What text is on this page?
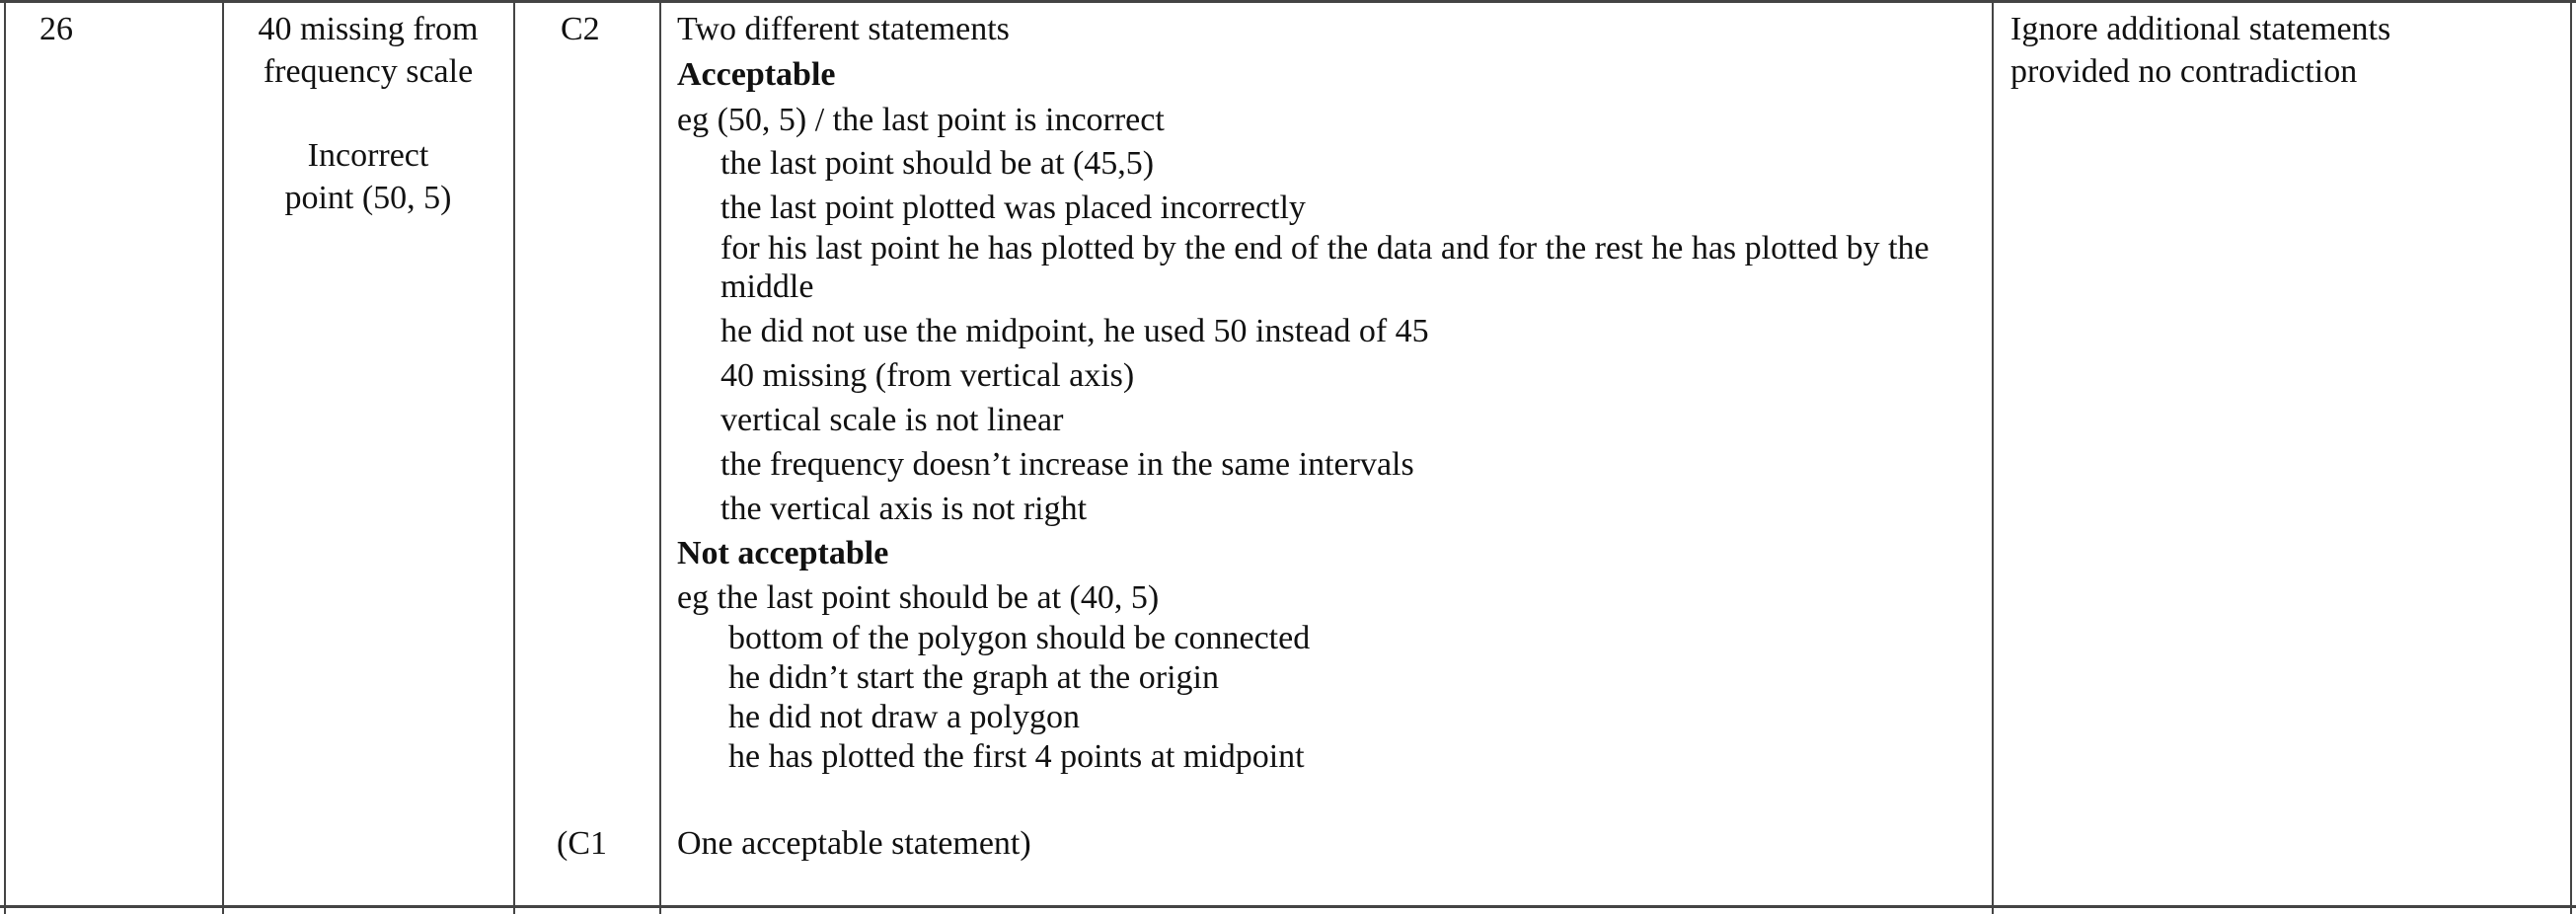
26	40 missing from
frequency scale
Incorrect
point (50, 5)
C2
(C1
Two different statements
Acceptable
eg (50, 5) / the last point is incorrect
the last point should be at (45,5)
the last point plotted was placed incorrectly
for his last point he has plotted by the end of the data and for the rest he has plotted by the
middle
he did not use the midpoint, he used 50 instead of 45
40 missing (from vertical axis)
vertical scale is not linear
the frequency doesn’t increase in the same intervals
the vertical axis is not right
Not acceptable
eg the last point should be at (40, 5)
bottom of the polygon should be connected
he didn’t start the graph at the origin
he did not draw a polygon
he has plotted the first 4 points at midpoint
One acceptable statement)
Ignore additional statements
provided no contradiction
